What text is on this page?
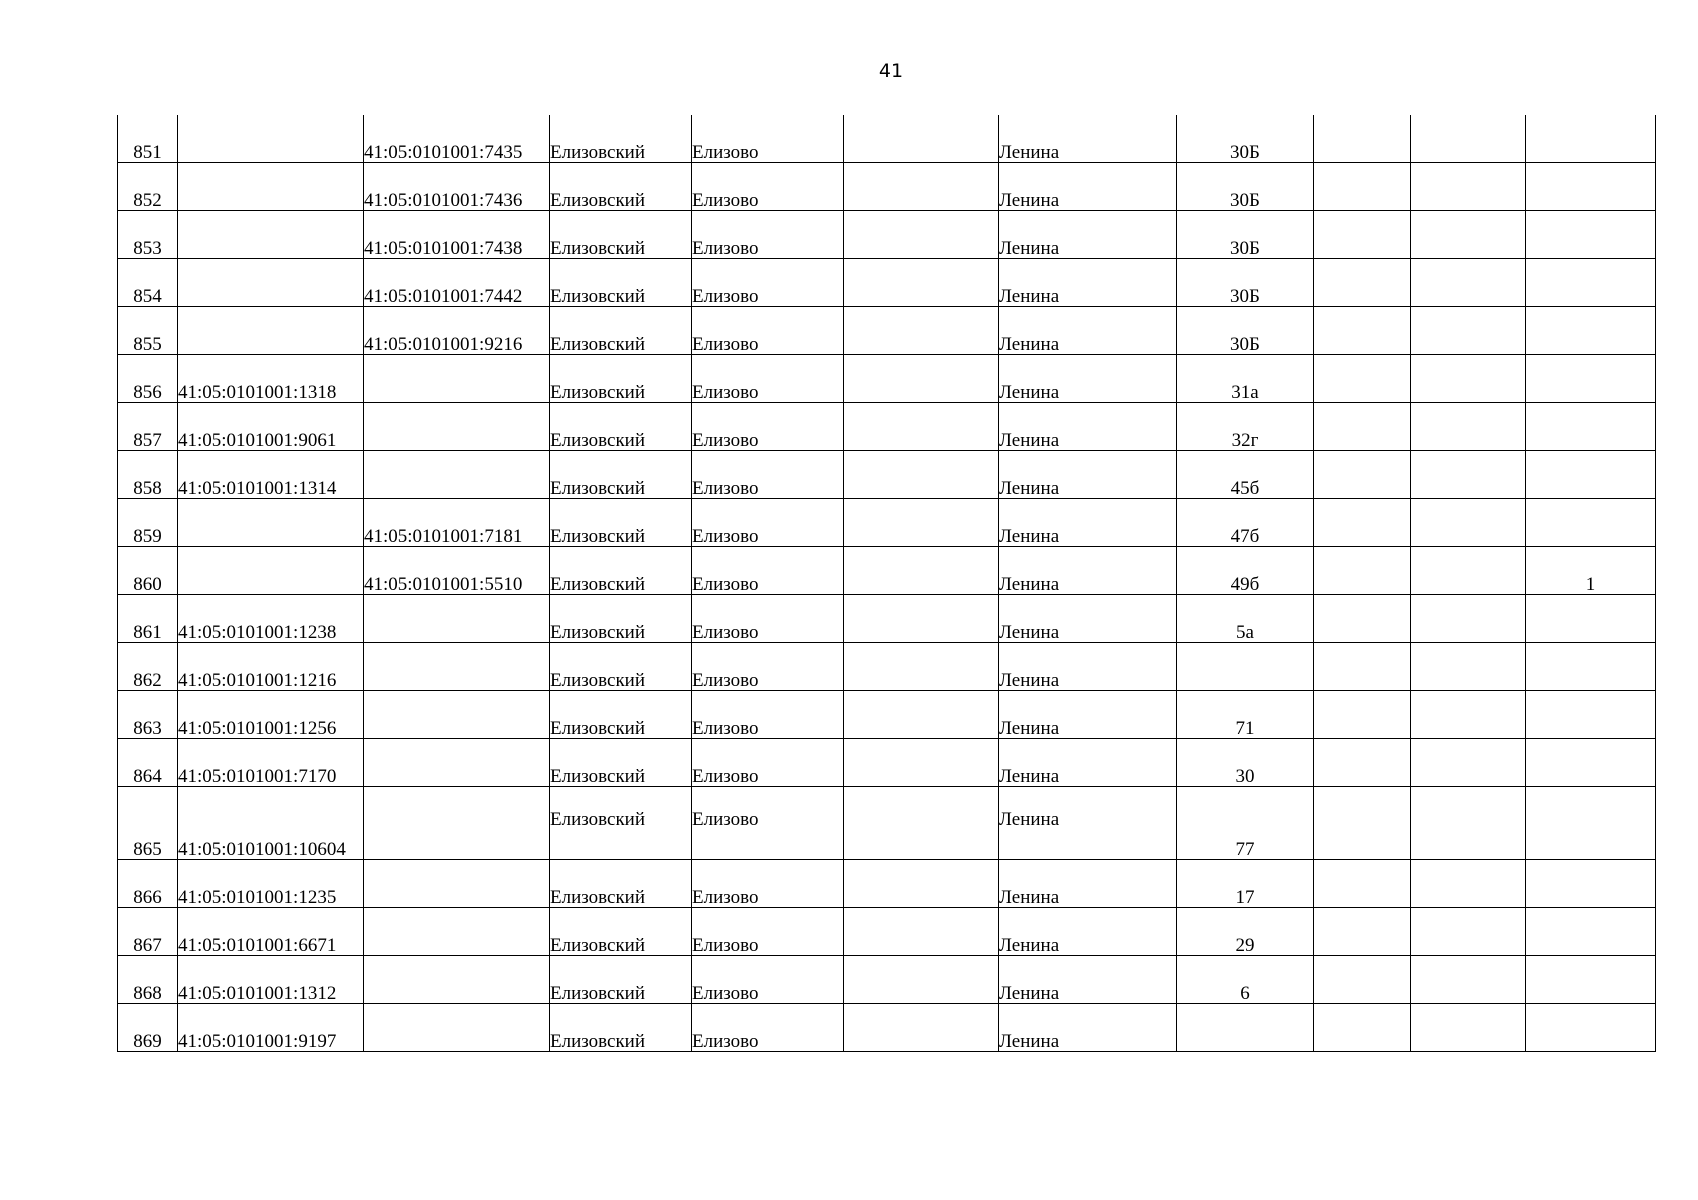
41
851		41:05:0101001:7435	Елизовский	Елизово		Ленина	30Б			
852		41:05:0101001:7436	Елизовский	Елизово		Ленина	30Б			
853		41:05:0101001:7438	Елизовский	Елизово		Ленина	30Б			
854		41:05:0101001:7442	Елизовский	Елизово		Ленина	30Б			
855		41:05:0101001:9216	Елизовский	Елизово		Ленина	30Б			
856	41:05:0101001:1318		Елизовский	Елизово		Ленина	31а			
857	41:05:0101001:9061		Елизовский	Елизово		Ленина	32г			
858	41:05:0101001:1314		Елизовский	Елизово		Ленина	45б			
859		41:05:0101001:7181	Елизовский	Елизово		Ленина	47б			
860		41:05:0101001:5510	Елизовский	Елизово		Ленина	49б			1
861	41:05:0101001:1238		Елизовский	Елизово		Ленина	5а			
862	41:05:0101001:1216		Елизовский	Елизово		Ленина				
863	41:05:0101001:1256		Елизовский	Елизово		Ленина	71			
864	41:05:0101001:7170		Елизовский	Елизово		Ленина	30			
865	41:05:0101001:10604		Елизовский	Елизово		Ленина	77			
866	41:05:0101001:1235		Елизовский	Елизово		Ленина	17			
867	41:05:0101001:6671		Елизовский	Елизово		Ленина	29			
868	41:05:0101001:1312		Елизовский	Елизово		Ленина	6			
869	41:05:0101001:9197		Елизовский	Елизово		Ленина				
